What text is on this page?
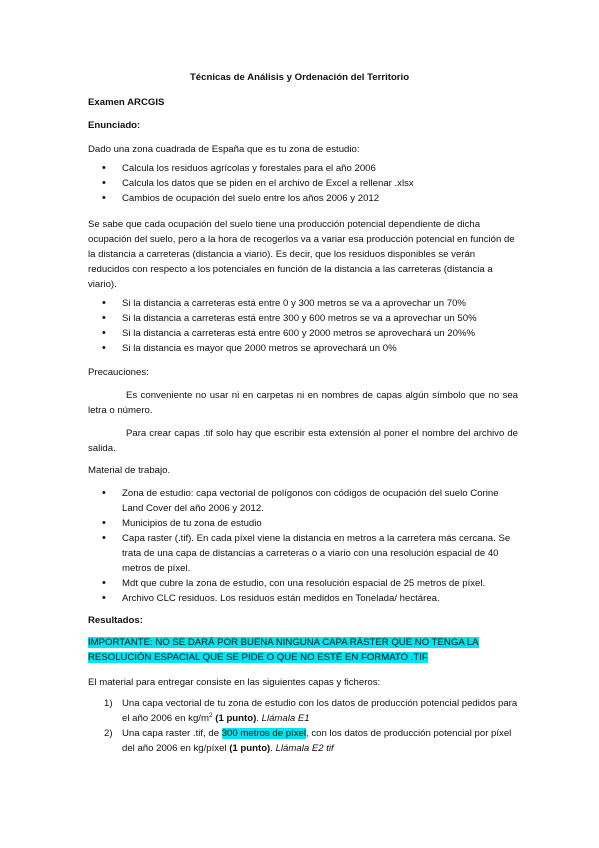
Técnicas de Análisis y Ordenación del Territorio

Examen ARCGIS

Enunciado:

Dado una zona cuadrada de España que es tu zona de estudio:

• Calcula los residuos agrícolas y forestales para el año 2006
• Calcula los datos que se piden en el archivo de Excel a rellenar .xlsx
• Cambios de ocupación del suelo entre los años 2006 y 2012

Se sabe que cada ocupación del suelo tiene una producción potencial dependiente de dicha ocupación del suelo, pero a la hora de recogerlos va a variar esa producción potencial en función de la distancia a carreteras (distancia a viario). Es decir, que los residuos disponibles se verán reducidos con respecto a los potenciales en función de la distancia a las carreteras (distancia a viario).

• Si la distancia a carreteras está entre 0 y 300 metros se va a aprovechar un 70%
• Si la distancia a carreteras está entre 300 y 600 metros se va a aprovechar un 50%
• Si la distancia a carreteras está entre 600 y 2000 metros se aprovechará un 20%%
• Si la distancia es mayor que 2000 metros se aprovechará un 0%

Precauciones:

Es conveniente no usar ni en carpetas ni en nombres de capas algún símbolo que no sea letra o número.

Para crear capas .tif solo hay que escribir esta extensión al poner el nombre del archivo de salida.

Material de trabajo.

• Zona de estudio: capa vectorial de polígonos con códigos de ocupación del suelo Corine Land Cover del año 2006 y 2012.
• Municipios de tu zona de estudio
• Capa raster (.tif). En cada píxel viene la distancia en metros a la carretera más cercana. Se trata de una capa de distancias a carreteras o a viario con una resolución espacial de 40 metros de píxel.
• Mdt que cubre la zona de estudio, con una resolución espacial de 25 metros de píxel.
• Archivo CLC residuos. Los residuos están medidos en Tonelada/ hectárea.

Resultados:

IMPORTANTE: NO SE DARÁ POR BUENA NINGUNA CAPA RÁSTER QUE NO TENGA LA RESOLUCIÓN ESPACIAL QUE SE PIDE O QUE NO ESTÉ EN FORMATO .TIF

El material para entregar consiste en las siguientes capas y ficheros:

1) Una capa vectorial de tu zona de estudio con los datos de producción potencial pedidos para el año 2006 en $kg/m^2$ (1 punto). Llámala E1
2) Una capa raster .tif, de 300 metros de píxel, con los datos de producción potencial por píxel del año 2006 en kg/píxel (1 punto). Llámala E2 tif
